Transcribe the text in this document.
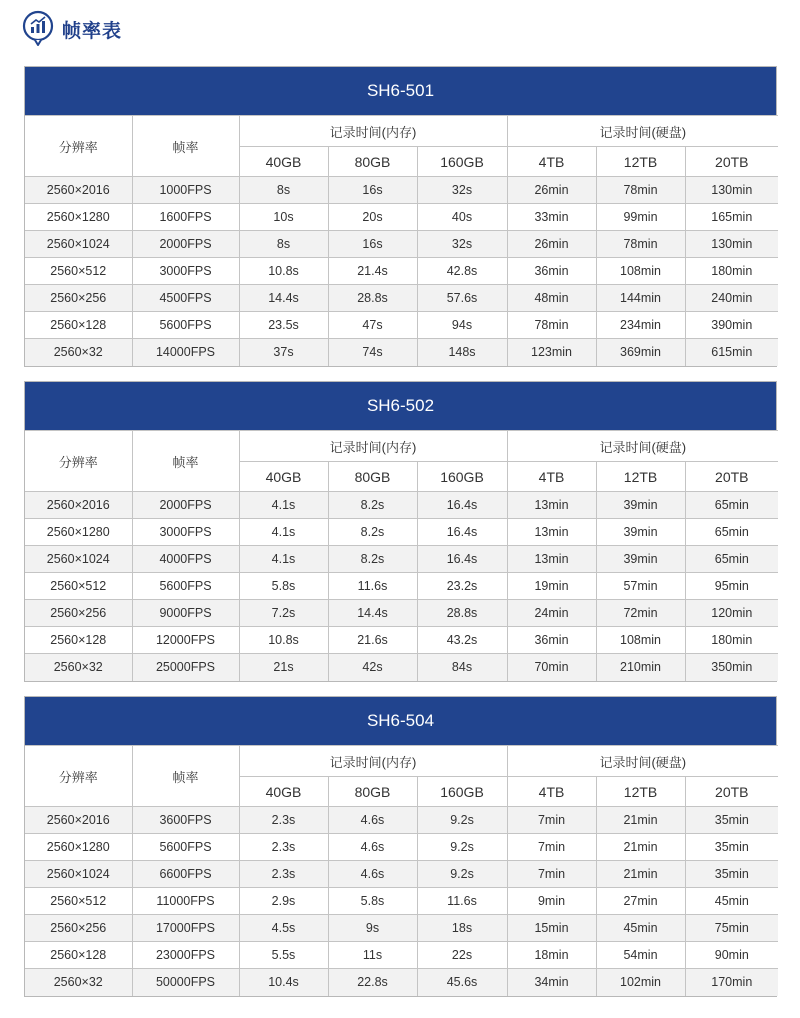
帧率表
SH6-501
分辨率	帧率	记录时间(内存)			记录时间(硬盘)		
		40GB	80GB	160GB	4TB	12TB	20TB
2560×2016	1000FPS	8s	16s	32s	26min	78min	130min
2560×1280	1600FPS	10s	20s	40s	33min	99min	165min
2560×1024	2000FPS	8s	16s	32s	26min	78min	130min
2560×512	3000FPS	10.8s	21.4s	42.8s	36min	108min	180min
2560×256	4500FPS	14.4s	28.8s	57.6s	48min	144min	240min
2560×128	5600FPS	23.5s	47s	94s	78min	234min	390min
2560×32	14000FPS	37s	74s	148s	123min	369min	615min
SH6-502
分辨率	帧率	记录时间(内存)			记录时间(硬盘)		
		40GB	80GB	160GB	4TB	12TB	20TB
2560×2016	2000FPS	4.1s	8.2s	16.4s	13min	39min	65min
2560×1280	3000FPS	4.1s	8.2s	16.4s	13min	39min	65min
2560×1024	4000FPS	4.1s	8.2s	16.4s	13min	39min	65min
2560×512	5600FPS	5.8s	11.6s	23.2s	19min	57min	95min
2560×256	9000FPS	7.2s	14.4s	28.8s	24min	72min	120min
2560×128	12000FPS	10.8s	21.6s	43.2s	36min	108min	180min
2560×32	25000FPS	21s	42s	84s	70min	210min	350min
SH6-504
分辨率	帧率	记录时间(内存)			记录时间(硬盘)		
		40GB	80GB	160GB	4TB	12TB	20TB
2560×2016	3600FPS	2.3s	4.6s	9.2s	7min	21min	35min
2560×1280	5600FPS	2.3s	4.6s	9.2s	7min	21min	35min
2560×1024	6600FPS	2.3s	4.6s	9.2s	7min	21min	35min
2560×512	11000FPS	2.9s	5.8s	11.6s	9min	27min	45min
2560×256	17000FPS	4.5s	9s	18s	15min	45min	75min
2560×128	23000FPS	5.5s	11s	22s	18min	54min	90min
2560×32	50000FPS	10.4s	22.8s	45.6s	34min	102min	170min
